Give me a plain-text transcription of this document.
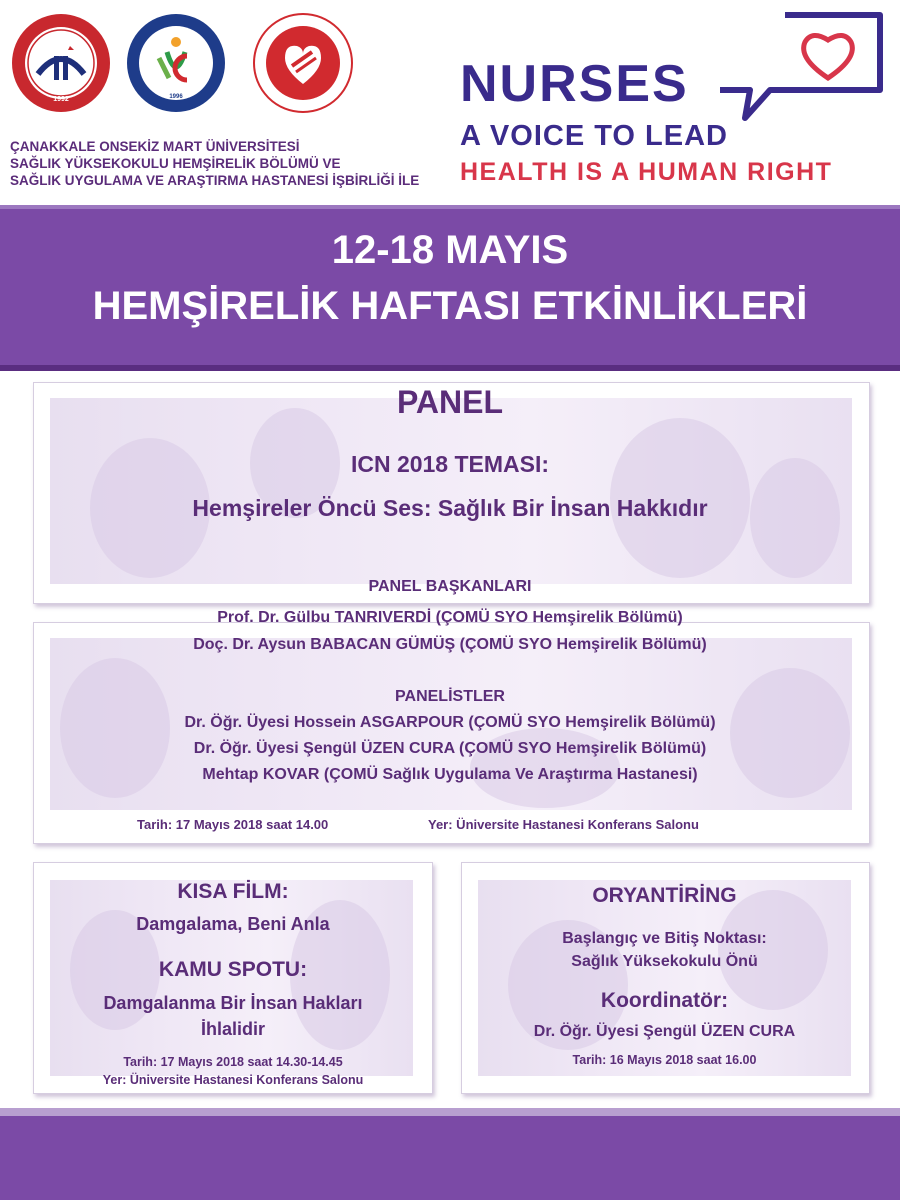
1992	1996
ÇANAKKALE ONSEKİZ MART ÜNİVERSİTESİ
SAĞLIK YÜKSEKOKULU HEMŞİRELİK BÖLÜMÜ VE
SAĞLIK UYGULAMA VE ARAŞTIRMA HASTANESİ İŞBİRLİĞİ İLE
NURSES
A VOICE TO LEAD
HEALTH IS A HUMAN RIGHT
12-18 MAYIS
HEMŞİRELİK HAFTASI ETKİNLİKLERİ
PANEL
ICN 2018 TEMASI:
Hemşireler Öncü Ses: Sağlık Bir İnsan Hakkıdır
PANEL BAŞKANLARI
Prof. Dr. Gülbu TANRIVERDİ (ÇOMÜ SYO Hemşirelik Bölümü)
Doç. Dr. Aysun BABACAN GÜMÜŞ (ÇOMÜ SYO Hemşirelik Bölümü)
PANELİSTLER
Dr. Öğr. Üyesi Hossein ASGARPOUR (ÇOMÜ SYO Hemşirelik Bölümü)
Dr. Öğr. Üyesi Şengül ÜZEN CURA (ÇOMÜ SYO Hemşirelik Bölümü)
Mehtap KOVAR (ÇOMÜ Sağlık Uygulama Ve Araştırma Hastanesi)
Tarih: 17 Mayıs 2018 saat 14.00	Yer: Üniversite Hastanesi Konferans Salonu
KISA FİLM:
Damgalama, Beni Anla
KAMU SPOTU:
Damgalanma Bir İnsan Hakları
İhlalidir
Tarih: 17 Mayıs 2018 saat 14.30-14.45
Yer: Üniversite Hastanesi Konferans Salonu
ORYANTİRİNG
Başlangıç ve Bitiş Noktası:
Sağlık Yüksekokulu Önü
Koordinatör:
Dr. Öğr. Üyesi Şengül ÜZEN CURA
Tarih: 16 Mayıs 2018 saat 16.00
